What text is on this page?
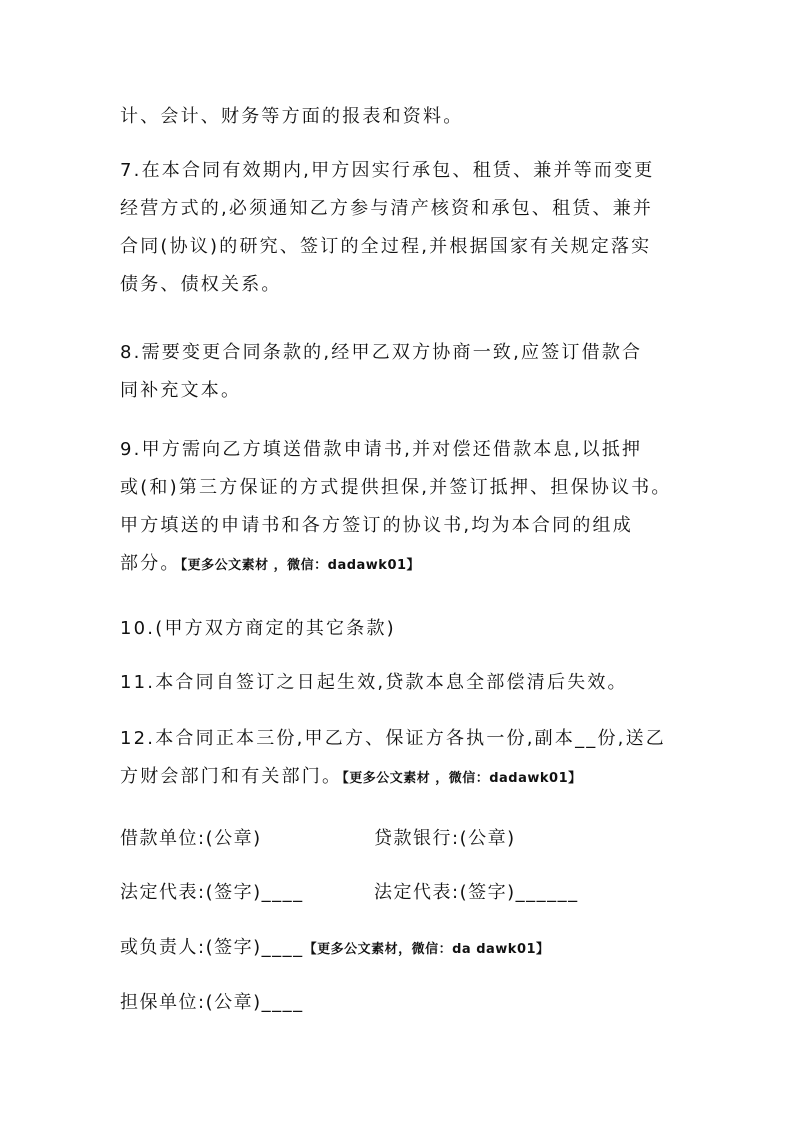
计、会计、财务等方面的报表和资料。
7.在本合同有效期内,甲方因实行承包、租赁、兼并等而变更
经营方式的,必须通知乙方参与清产核资和承包、租赁、兼并
合同(协议)的研究、签订的全过程,并根据国家有关规定落实
债务、债权关系。
8.需要变更合同条款的,经甲乙双方协商一致,应签订借款合
同补充文本。
9.甲方需向乙方填送借款申请书,并对偿还借款本息,以抵押
或(和)第三方保证的方式提供担保,并签订抵押、担保协议书。
甲方填送的申请书和各方签订的协议书,均为本合同的组成
部分。【更多公文素材 ，微信：dadawk01】
10.(甲方双方商定的其它条款)
11.本合同自签订之日起生效,贷款本息全部偿清后失效。
12.本合同正本三份,甲乙方、保证方各执一份,副本__份,送乙
方财会部门和有关部门。【更多公文素材 ，微信：dadawk01】
借款单位:(公章)	贷款银行:(公章)
法定代表:(签字)____	法定代表:(签字)______
或负责人:(签字)____【更多公文素材，微信：da dawk01】
担保单位:(公章)____
